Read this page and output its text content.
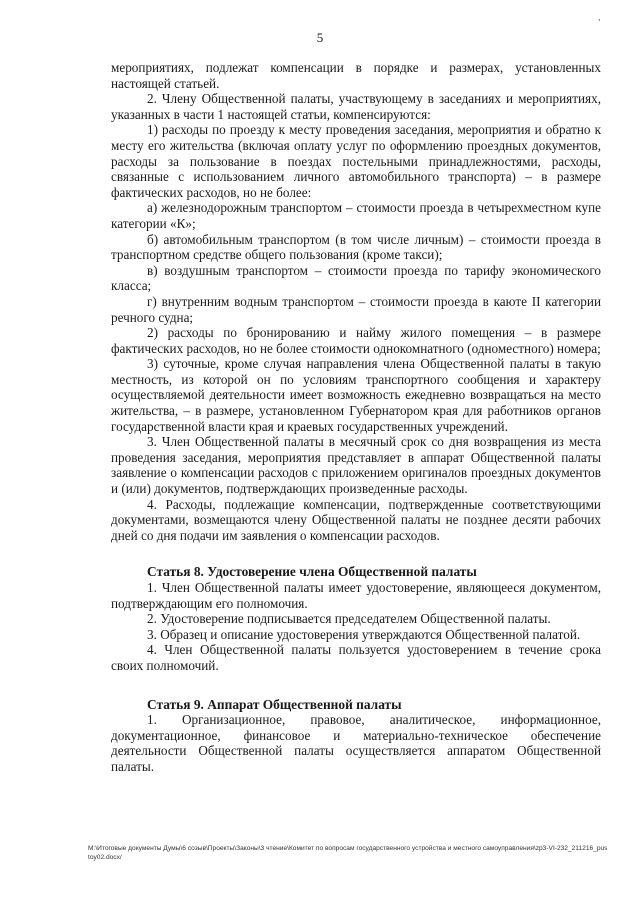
,
5

мероприятиях, подлежат компенсации в порядке и размерах, установленных настоящей статьей.

2. Члену Общественной палаты, участвующему в заседаниях и мероприятиях, указанных в части 1 настоящей статьи, компенсируются:

1) расходы по проезду к месту проведения заседания, мероприятия и обратно к месту его жительства (включая оплату услуг по оформлению проездных документов, расходы за пользование в поездах постельными принадлежностями, расходы, связанные с использованием личного автомобильного транспорта) – в размере фактических расходов, но не более:

а) железнодорожным транспортом – стоимости проезда в четырехместном купе категории «К»;

б) автомобильным транспортом (в том числе личным) – стоимости проезда в транспортном средстве общего пользования (кроме такси);

в) воздушным транспортом – стоимости проезда по тарифу экономического класса;

г) внутренним водным транспортом – стоимости проезда в каюте II категории речного судна;

2) расходы по бронированию и найму жилого помещения – в размере фактических расходов, но не более стоимости однокомнатного (одноместного) номера;

3) суточные, кроме случая направления члена Общественной палаты в такую местность, из которой он по условиям транспортного сообщения и характеру осуществляемой деятельности имеет возможность ежедневно возвращаться на место жительства, – в размере, установленном Губернатором края для работников органов государственной власти края и краевых государственных учреждений.

3. Член Общественной палаты в месячный срок со дня возвращения из места проведения заседания, мероприятия представляет в аппарат Общественной палаты заявление о компенсации расходов с приложением оригиналов проездных документов и (или) документов, подтверждающих произведенные расходы.

4. Расходы, подлежащие компенсации, подтвержденные соответствующими документами, возмещаются члену Общественной палаты не позднее десяти рабочих дней со дня подачи им заявления о компенсации расходов.

Статья 8. Удостоверение члена Общественной палаты

1. Член Общественной палаты имеет удостоверение, являющееся документом, подтверждающим его полномочия.

2. Удостоверение подписывается председателем Общественной палаты.

3. Образец и описание удостоверения утверждаются Общественной палатой.

4. Член Общественной палаты пользуется удостоверением в течение срока своих полномочий.

Статья 9. Аппарат Общественной палаты

1. Организационное, правовое, аналитическое, информационное, документационное, финансовое и материально-техническое обеспечение деятельности Общественной палаты осуществляется аппаратом Общественной палаты.

M:\Итоговые документы Думы\6 созыв\Проекты\Законы\3 чтение\Комитет по вопросам государственного устройства и местного самоуправления\zp3-VI-232_211216_pustoy02.docx/
